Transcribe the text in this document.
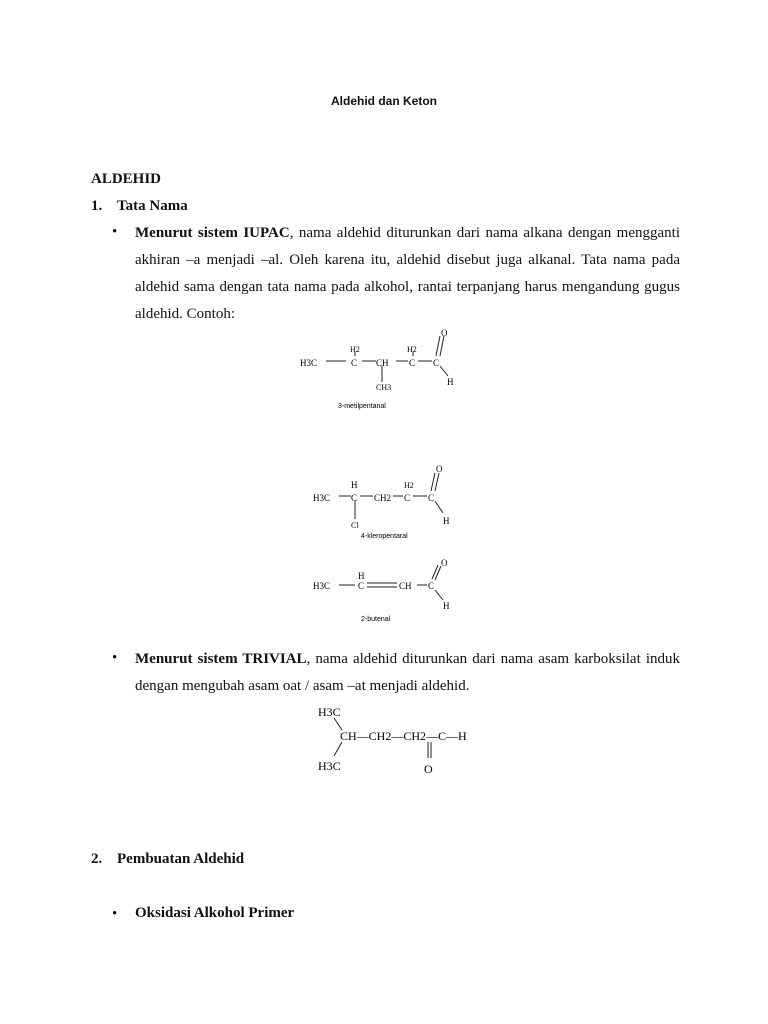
Aldehid dan Keton
ALDEHID
1. Tata Nama
• Menurut sistem IUPAC, nama aldehid diturunkan dari nama alkana dengan mengganti akhiran –a menjadi –al. Oleh karena itu, aldehid disebut juga alkanal. Tata nama pada aldehid sama dengan tata nama pada alkohol, rantai terpanjang harus mengandung gugus aldehid. Contoh:
H3C
H2
C CH
H2
C C
CH3
O
H
3-metilpentanal
H3C
H
C CH2
H2
C C
Cl
O
H
4-kleropentaral
H3C
H
C	CH C
O
H
2-butenal
• Menurut sistem TRIVIAL, nama aldehid diturunkan dari nama asam karboksilat induk dengan mengubah asam oat / asam –at menjadi aldehid.
H3C
CH—CH2—CH2—C—H
H3C	O
2. Pembuatan Aldehid
• Oksidasi Alkohol Primer
